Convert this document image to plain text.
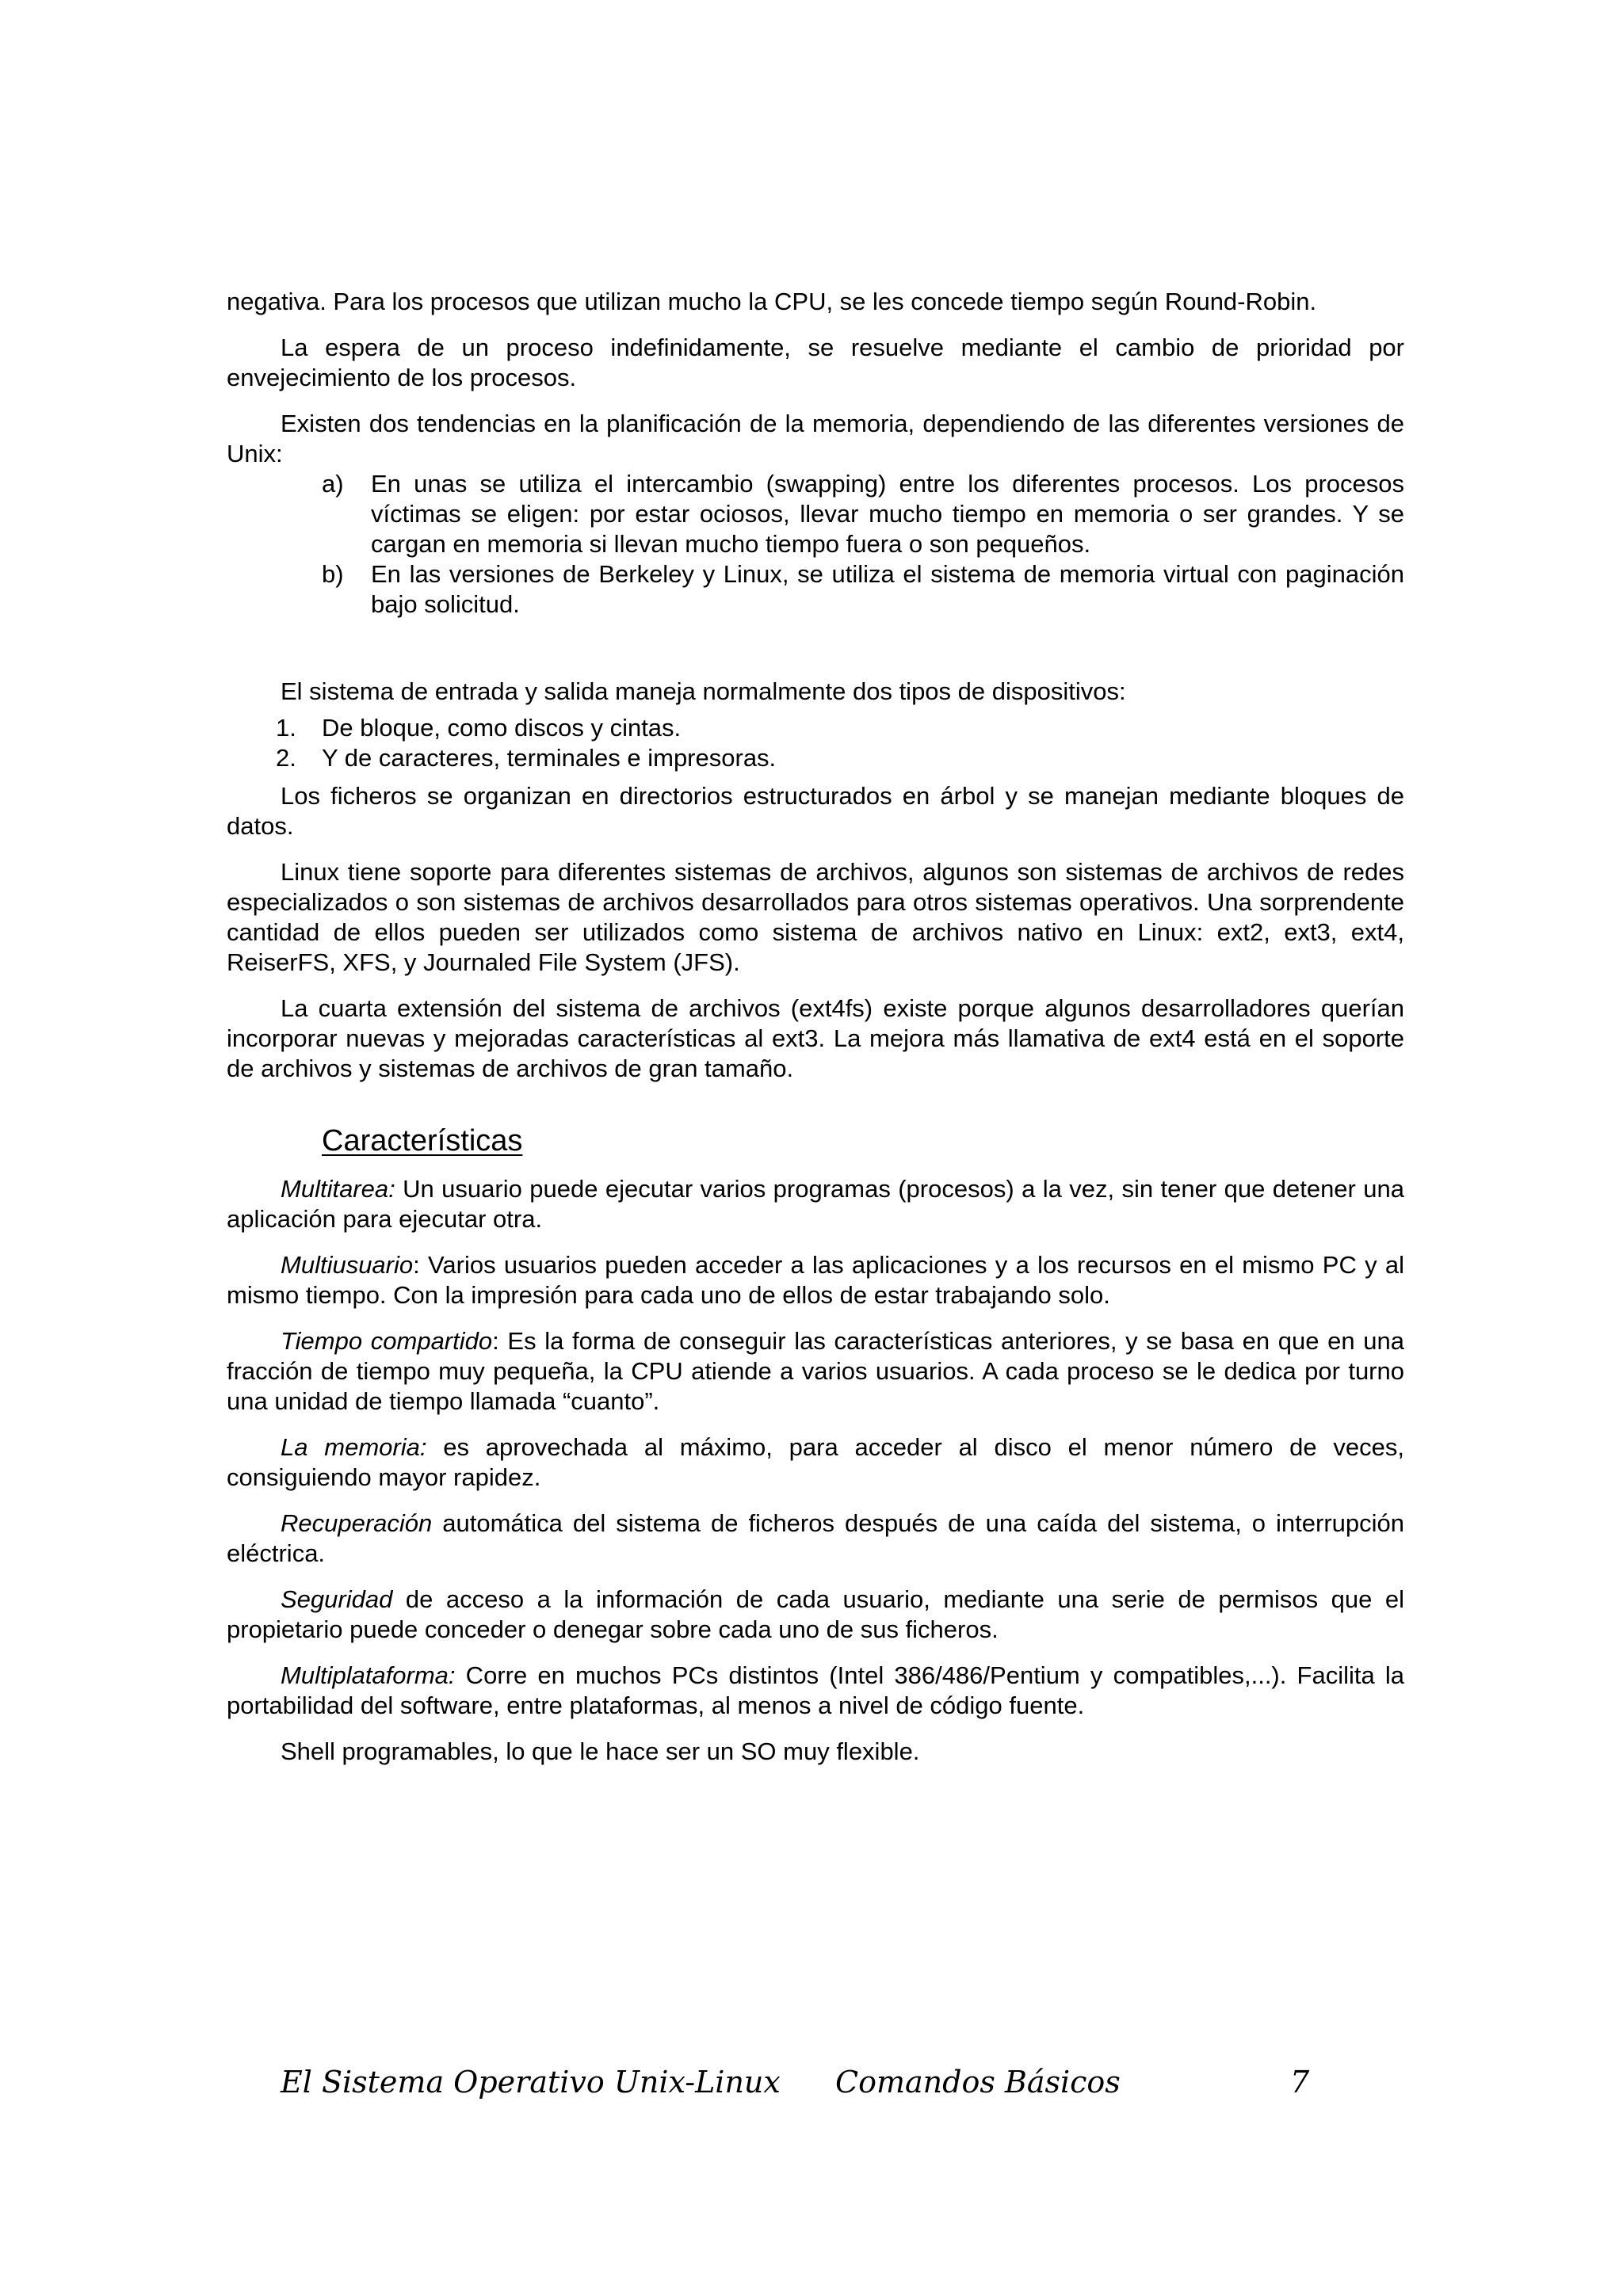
negativa. Para los procesos que utilizan mucho la CPU, se les concede tiempo según Round-Robin.

La espera de un proceso indefinidamente, se resuelve mediante el cambio de prioridad por envejecimiento de los procesos.

Existen dos tendencias en la planificación de la memoria, dependiendo de las diferentes versiones de Unix:

a)	En unas se utiliza el intercambio (swapping) entre los diferentes procesos. Los procesos víctimas se eligen: por estar ociosos, llevar mucho tiempo en memoria o ser grandes. Y se cargan en memoria si llevan mucho tiempo fuera o son pequeños.
b)	En las versiones de Berkeley y Linux, se utiliza el sistema de memoria virtual con paginación bajo solicitud.

El sistema de entrada y salida maneja normalmente dos tipos de dispositivos:

1.	De bloque, como discos y cintas.
2.	Y de caracteres, terminales e impresoras.

Los ficheros se organizan en directorios estructurados en árbol y se manejan mediante bloques de datos.

Linux tiene soporte para diferentes sistemas de archivos, algunos son sistemas de archivos de redes especializados o son sistemas de archivos desarrollados para otros sistemas operativos. Una sorprendente cantidad de ellos pueden ser utilizados como sistema de archivos nativo en Linux: ext2, ext3, ext4, ReiserFS, XFS, y Journaled File System (JFS).

La cuarta extensión del sistema de archivos (ext4fs) existe porque algunos desarrolladores querían incorporar nuevas y mejoradas características al ext3. La mejora más llamativa de ext4 está en el soporte de archivos y sistemas de archivos de gran tamaño.

Características

Multitarea: Un usuario puede ejecutar varios programas (procesos) a la vez, sin tener que detener una aplicación para ejecutar otra.

Multiusuario: Varios usuarios pueden acceder a las aplicaciones y a los recursos en el mismo PC y al mismo tiempo. Con la impresión para cada uno de ellos de estar trabajando solo.

Tiempo compartido: Es la forma de conseguir las características anteriores, y se basa en que en una fracción de tiempo muy pequeña, la CPU atiende a varios usuarios. A cada proceso se le dedica por turno una unidad de tiempo llamada “cuanto”.

La memoria: es aprovechada al máximo, para acceder al disco el menor número de veces, consiguiendo mayor rapidez.

Recuperación automática del sistema de ficheros después de una caída del sistema, o interrupción eléctrica.

Seguridad de acceso a la información de cada usuario, mediante una serie de permisos que el propietario puede conceder o denegar sobre cada uno de sus ficheros.

Multiplataforma: Corre en muchos PCs distintos (Intel 386/486/Pentium y compatibles,...). Facilita la portabilidad del software, entre plataformas, al menos a nivel de código fuente.

Shell programables, lo que le hace ser un SO muy flexible.

El Sistema Operativo Unix-Linux Comandos Básicos	7
